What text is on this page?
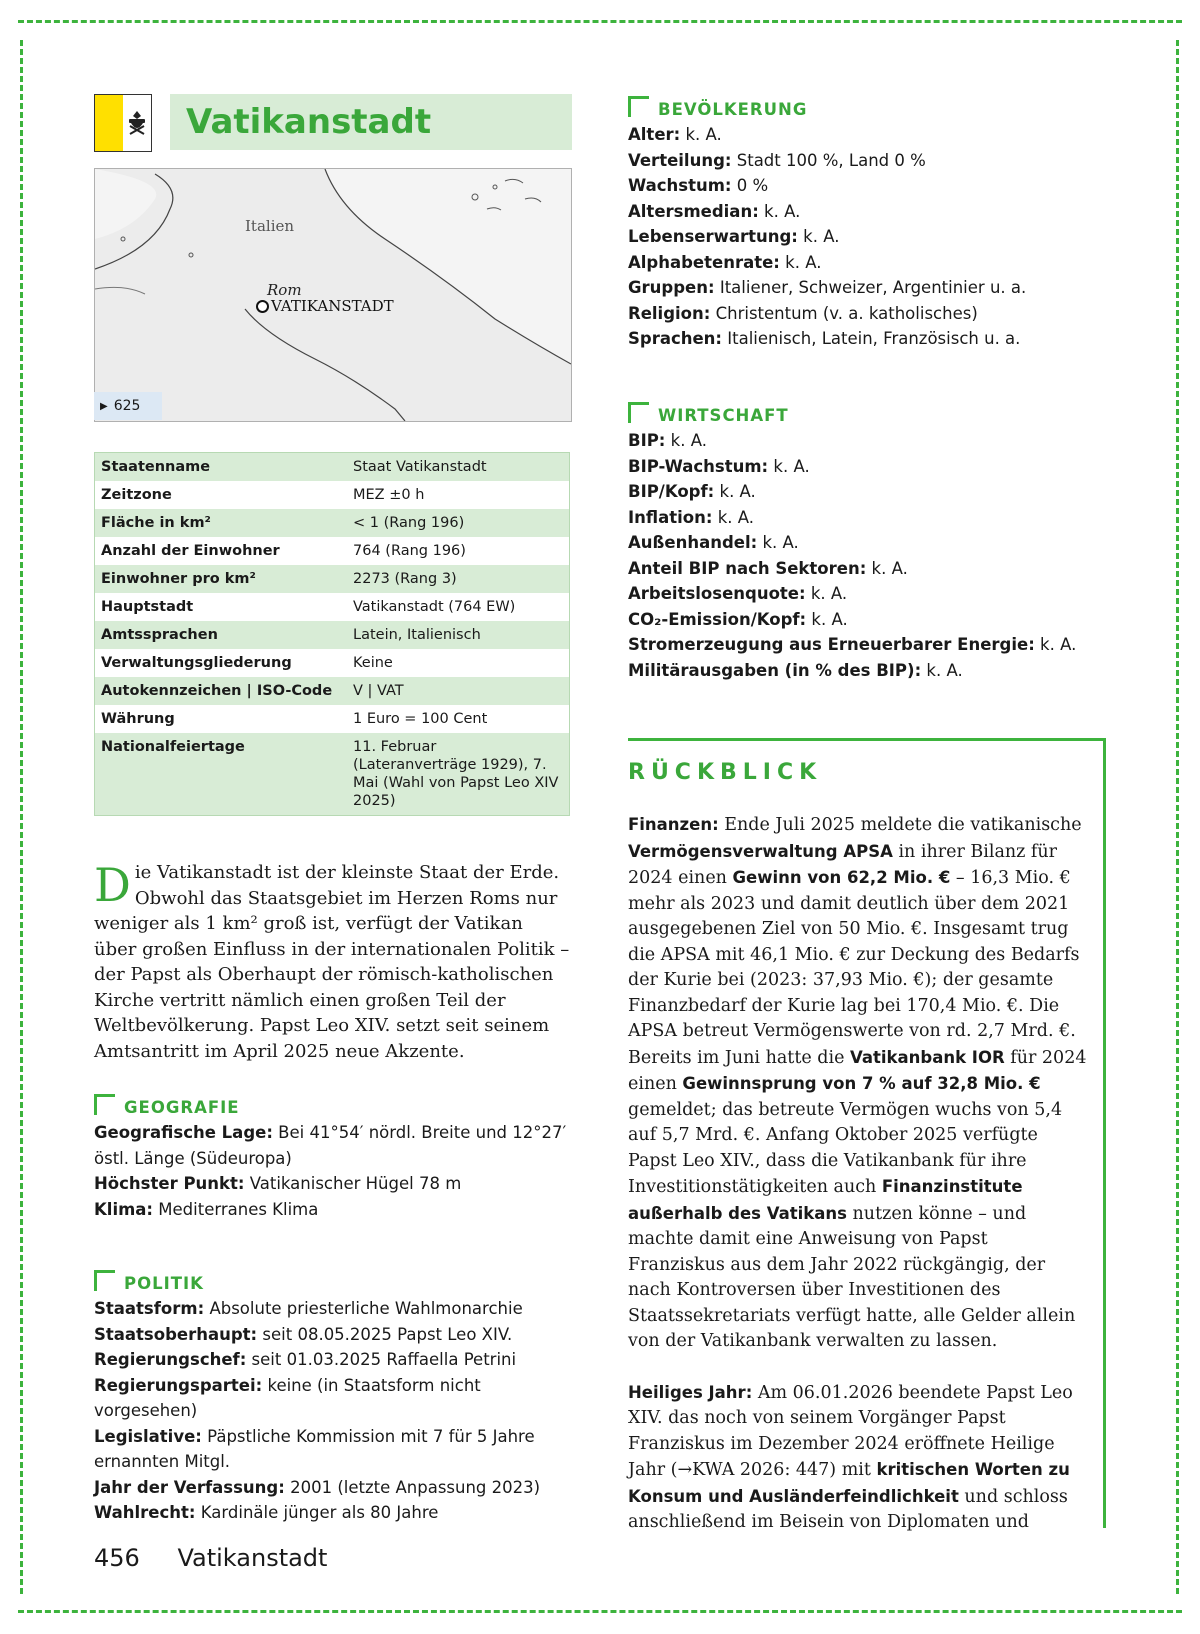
Vatikanstadt
Italien
Rom
VATIKANSTADT
▶ 625
Staatenname	Staat Vatikanstadt
Zeitzone	MEZ ±0 h
Fläche in km²	< 1 (Rang 196)
Anzahl der Einwohner	764 (Rang 196)
Einwohner pro km²	2273 (Rang 3)
Hauptstadt	Vatikanstadt (764 EW)
Amtssprachen	Latein, Italienisch
Verwaltungsgliederung	Keine
Autokennzeichen | ISO-Code	V | VAT
Währung	1 Euro = 100 Cent
Nationalfeiertage	11. Februar (Lateranverträge 1929), 7. Mai (Wahl von Papst Leo XIV 2025)
D ie Vatikanstadt ist der kleinste Staat der Erde. Obwohl das Staatsgebiet im Herzen Roms nur weniger als 1 km² groß ist, verfügt der Vatikan über großen Einfluss in der internationalen Politik – der Papst als Oberhaupt der römisch-katholischen Kirche vertritt nämlich einen großen Teil der Weltbevölkerung. Papst Leo XIV. setzt seit seinem Amtsantritt im April 2025 neue Akzente.
GEOGRAFIE

Geografische Lage: Bei 41°54′ nördl. Breite und 12°27′ östl. Länge (Südeuropa)

Höchster Punkt: Vatikanischer Hügel 78 m

Klima: Mediterranes Klima

POLITIK

Staatsform: Absolute priesterliche Wahlmonarchie

Staatsoberhaupt: seit 08.05.2025 Papst Leo XIV.

Regierungschef: seit 01.03.2025 Raffaella Petrini

Regierungspartei: keine (in Staatsform nicht vorgesehen)

Legislative: Päpstliche Kommission mit 7 für 5 Jahre ernannten Mitgl.

Jahr der Verfassung: 2001 (letzte Anpassung 2023)

Wahlrecht: Kardinäle jünger als 80 Jahre

BEVÖLKERUNG

Alter: k. A.

Verteilung: Stadt 100 %, Land 0 %

Wachstum: 0 %

Altersmedian: k. A.

Lebenserwartung: k. A.

Alphabetenrate: k. A.

Gruppen: Italiener, Schweizer, Argentinier u. a.

Religion: Christentum (v. a. katholisches)

Sprachen: Italienisch, Latein, Französisch u. a.

WIRTSCHAFT

BIP: k. A.

BIP-Wachstum: k. A.

BIP/Kopf: k. A.

Inflation: k. A.

Außenhandel: k. A.

Anteil BIP nach Sektoren: k. A.

Arbeitslosenquote: k. A.

CO₂-Emission/Kopf: k. A.

Stromerzeugung aus Erneuerbarer Energie: k. A.

Militärausgaben (in % des BIP): k. A.

RÜCKBLICK

Finanzen: Ende Juli 2025 meldete die vatikanische Vermögensverwaltung APSA in ihrer Bilanz für 2024 einen Gewinn von 62,2 Mio. € – 16,3 Mio. € mehr als 2023 und damit deutlich über dem 2021 ausgegebenen Ziel von 50 Mio. €. Insgesamt trug die APSA mit 46,1 Mio. € zur Deckung des Bedarfs der Kurie bei (2023: 37,93 Mio. €); der gesamte Finanzbedarf der Kurie lag bei 170,4 Mio. €. Die APSA betreut Vermögenswerte von rd. 2,7 Mrd. €. Bereits im Juni hatte die Vatikanbank IOR für 2024 einen Gewinnsprung von 7 % auf 32,8 Mio. € gemeldet; das betreute Vermögen wuchs von 5,4 auf 5,7 Mrd. €. Anfang Oktober 2025 verfügte Papst Leo XIV., dass die Vatikanbank für ihre Investitionstätigkeiten auch Finanzinstitute außerhalb des Vatikans nutzen könne – und machte damit eine Anweisung von Papst Franziskus aus dem Jahr 2022 rückgängig, der nach Kontroversen über Investitionen des Staatssekretariats verfügt hatte, alle Gelder allein von der Vatikanbank verwalten zu lassen.

Heiliges Jahr: Am 06.01.2026 beendete Papst Leo XIV. das noch von seinem Vorgänger Papst Franziskus im Dezember 2024 eröffnete Heilige Jahr (→KWA 2026: 447) mit kritischen Worten zu Konsum und Ausländerfeindlichkeit und schloss anschließend im Beisein von Diplomaten und

456 Vatikanstadt
